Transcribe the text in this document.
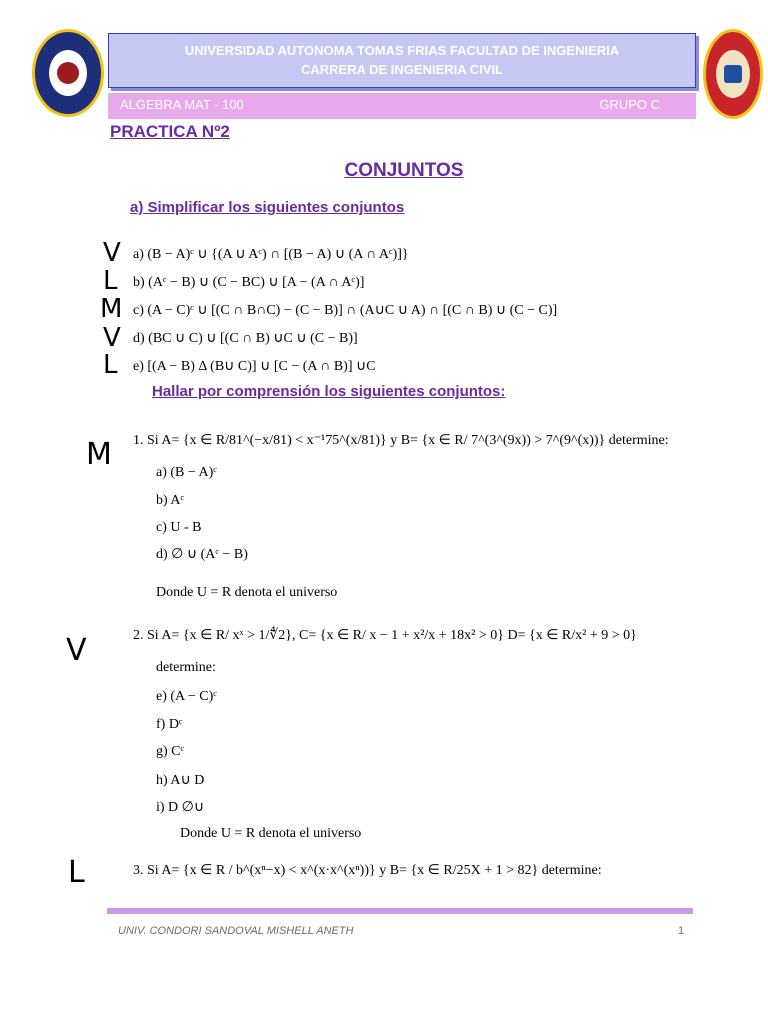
UNIVERSIDAD AUTONOMA TOMAS FRIAS FACULTAD DE INGENIERIA
CARRERA DE INGENIERIA CIVIL
ALGEBRA MAT - 100	GRUPO C
PRACTICA Nº2
CONJUNTOS
a) Simplificar los siguientes conjuntos
V a) (B − A)ᶜ ∪ {(A ∪ Aᶜ) ∩ [(B − A) ∪ (A ∩ Aᶜ)]}
L b) (Aᶜ − B) ∪ (C − BC) ∪ [A − (A ∩ Aᶜ)]
M c) (A − C)ᶜ ∪ [(C ∩ B∩C) − (C − B)] ∩ (A∪C ∪ A) ∩ [(C ∩ B) ∪ (C − C)]
V d) (BC ∪ C) ∪ [(C ∩ B) ∪C ∪ (C − B)]
L e) [(A − B) Δ (B∪ C)] ∪ [C − (A ∩ B)] ∪C
Hallar por comprensión los siguientes conjuntos:
M 1. Si A= {x ∈ R/81^(−x/81) < x⁻¹75^(x/81)} y B= {x ∈ R/ 7^(3^(9x)) > 7^(9^(x))} determine:
a) (B − A)ᶜ
b) Aᶜ
c) U - B
d) ∅ ∪ (Aᶜ − B)
Donde U = R denota el universo
V	2. Si A= {x ∈ R/ xˣ > 1/∜2}, C= {x ∈ R/ x − 1 + x²/x + 18x² > 0} D= {x ∈ R/x² + 9 > 0}
determine:
e) (A − C)ᶜ
f) Dᶜ
g) Cᶜ
h) A∪ D
i) D ∅∪
Donde U = R denota el universo
L	3. Si A= {x ∈ R / b^(xⁿ−x) < x^(x·x^(xⁿ))} y B= {x ∈ R/25X + 1 > 82} determine:
UNIV. CONDORI SANDOVAL MISHELL ANETH	1
